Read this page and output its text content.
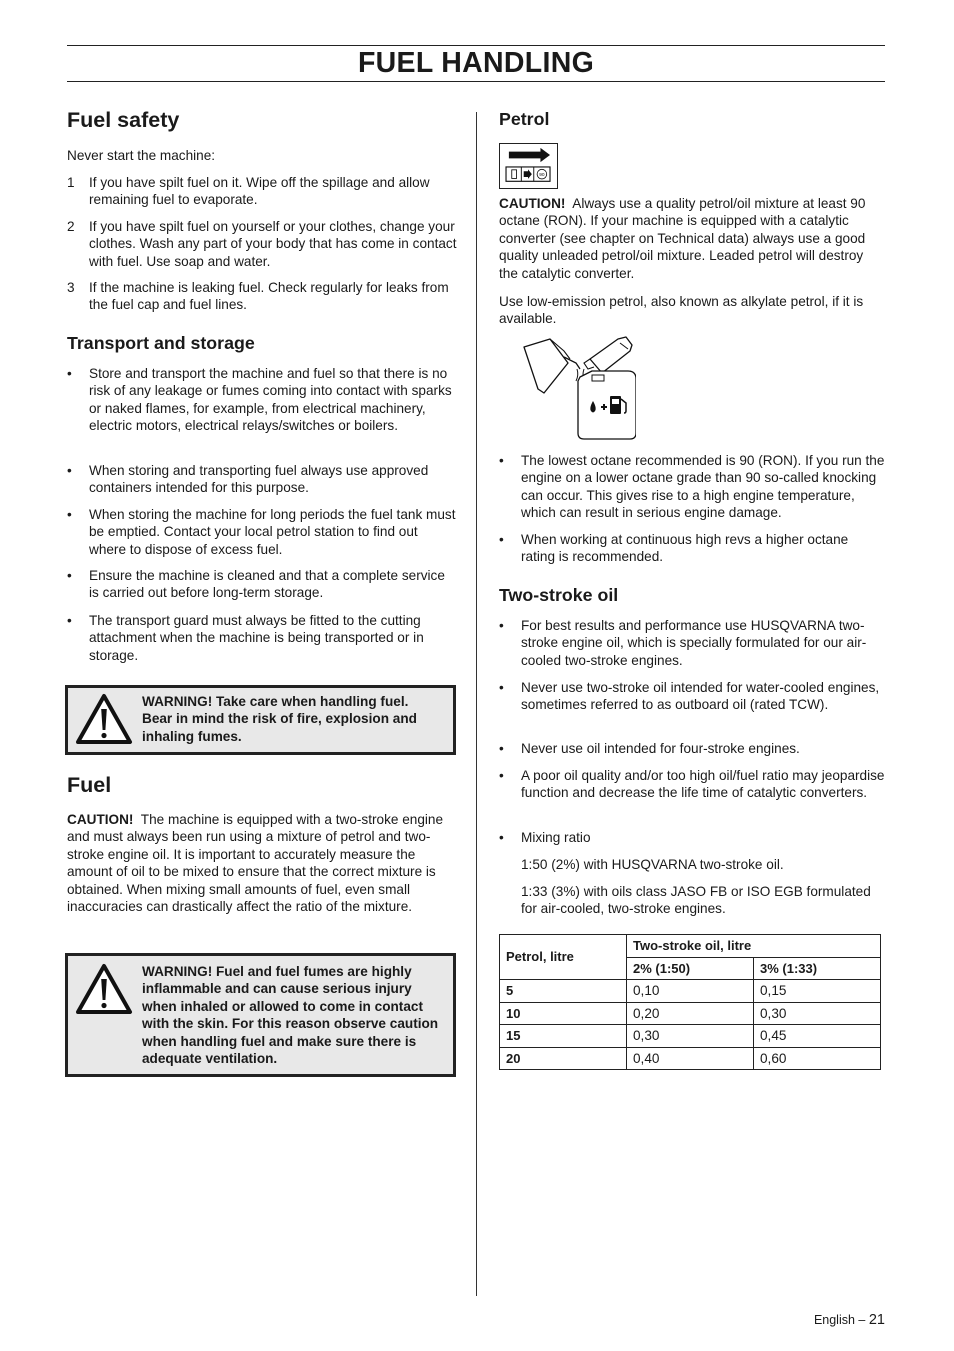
FUEL HANDLING
Fuel safety
Never start the machine:
1 If you have spilt fuel on it. Wipe off the spillage and allow remaining fuel to evaporate.
2 If you have spilt fuel on yourself or your clothes, change your clothes. Wash any part of your body that has come in contact with fuel. Use soap and water.
3 If the machine is leaking fuel. Check regularly for leaks from the fuel cap and fuel lines.
Transport and storage
• Store and transport the machine and fuel so that there is no risk of any leakage or fumes coming into contact with sparks or naked flames, for example, from electrical machinery, electric motors, electrical relays/switches or boilers.
• When storing and transporting fuel always use approved containers intended for this purpose.
• When storing the machine for long periods the fuel tank must be emptied. Contact your local petrol station to find out where to dispose of excess fuel.
• Ensure the machine is cleaned and that a complete service is carried out before long-term storage.
• The transport guard must always be fitted to the cutting attachment when the machine is being transported or in storage.
Fuel
CAUTION! The machine is equipped with a two-stroke engine and must always been run using a mixture of petrol and two-stroke engine oil. It is important to accurately measure the amount of oil to be mixed to ensure that the correct mixture is obtained. When mixing small amounts of fuel, even small inaccuracies can drastically affect the ratio of the mixture.
WARNING! Take care when handling fuel. Bear in mind the risk of fire, explosion and inhaling fumes.
WARNING! Fuel and fuel fumes are highly inflammable and can cause serious injury when inhaled or allowed to come in contact with the skin. For this reason observe caution when handling fuel and make sure there is adequate ventilation.
Petrol
CAUTION! Always use a quality petrol/oil mixture at least 90 octane (RON). If your machine is equipped with a catalytic converter (see chapter on Technical data) always use a good quality unleaded petrol/oil mixture. Leaded petrol will destroy the catalytic converter.
Use low-emission petrol, also known as alkylate petrol, if it is available.
• The lowest octane recommended is 90 (RON). If you run the engine on a lower octane grade than 90 so-called knocking can occur. This gives rise to a high engine temperature, which can result in serious engine damage.
• When working at continuous high revs a higher octane rating is recommended.
Two-stroke oil
• For best results and performance use HUSQVARNA two-stroke engine oil, which is specially formulated for our air-cooled two-stroke engines.
• Never use two-stroke oil intended for water-cooled engines, sometimes referred to as outboard oil (rated TCW).
• Never use oil intended for four-stroke engines.
• A poor oil quality and/or too high oil/fuel ratio may jeopardise function and decrease the life time of catalytic converters.
• Mixing ratio
1:50 (2%) with HUSQVARNA two-stroke oil.
1:33 (3%) with oils class JASO FB or ISO EGB formulated for air-cooled, two-stroke engines.
90
Petrol, litre	Two-stroke oil, litre	
	2% (1:50)	3% (1:33)
5	0,10	0,15
10	0,20	0,30
15	0,30	0,45
20	0,40	0,60
English – 21
